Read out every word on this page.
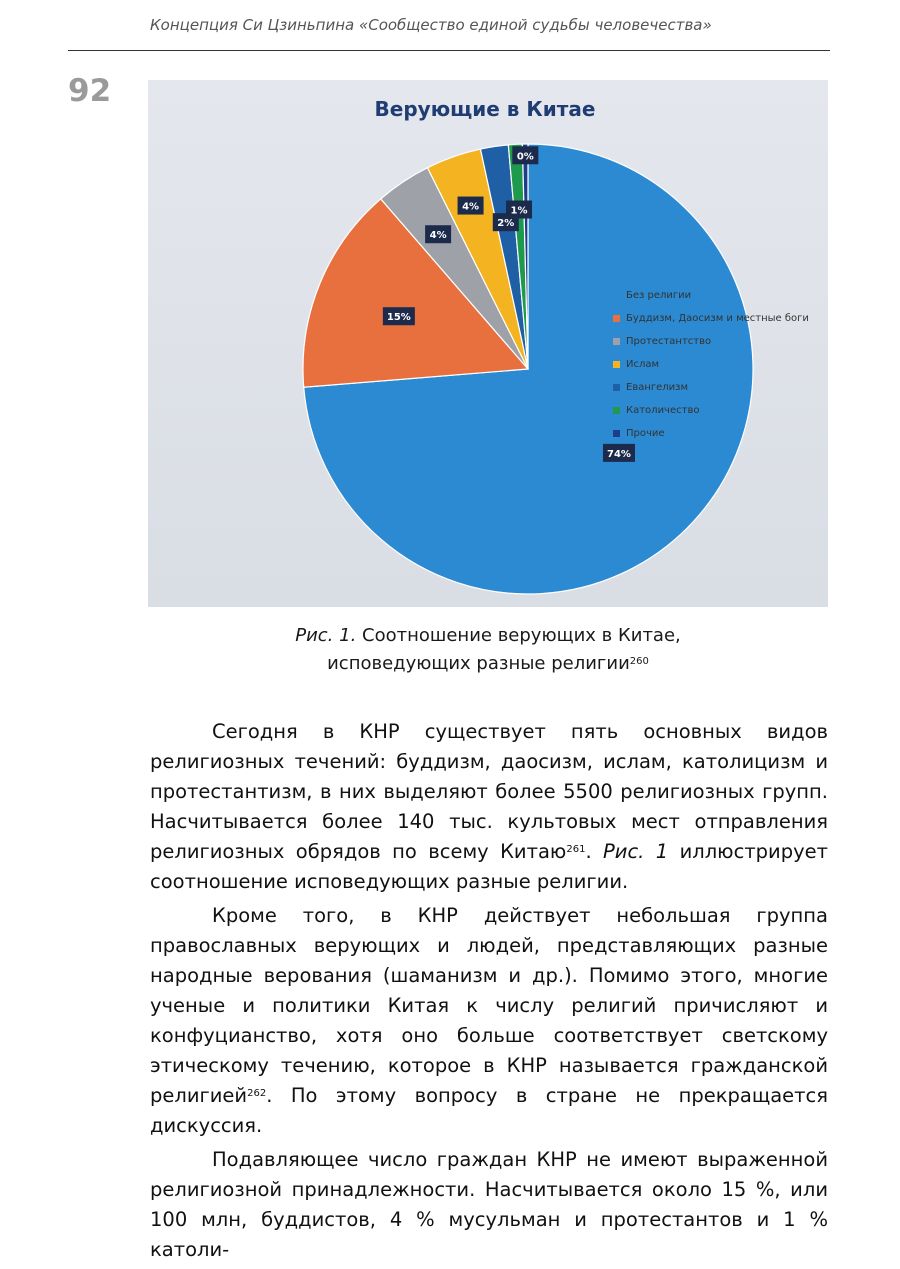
Концепция Си Цзиньпина «Сообщество единой судьбы человечества»
92	Верующие в Китае
74%
15%
4%
4%
2%
1%
0%
Без религии
Буддизм, Даосизм и местные боги
Протестантство
Ислам
Евангелизм
Католичество
Прочие
Рис. 1. Соотношение верующих в Китае,
исповедующих разные религии$^{260}$

Сегодня в КНР существует пять основных видов религиозных течений: буддизм, даосизм, ислам, католицизм и протестантизм, в них выделяют более 5500 религиозных групп. Насчитывается более 140 тыс. культовых мест отправления религиозных обрядов по всему Китаю$^{261}$. Рис. 1 иллюстрирует соотношение исповедующих разные религии.

Кроме того, в КНР действует небольшая группа православных верующих и людей, представляющих разные народные верования (шаманизм и др.). Помимо этого, многие ученые и политики Китая к числу религий причисляют и конфуцианство, хотя оно больше соответствует светскому этическому течению, которое в КНР называется гражданской религией$^{262}$. По этому вопросу в стране не прекращается дискуссия.

Подавляющее число граждан КНР не имеют выраженной религиозной принадлежности. Насчитывается около 15 %, или 100 млн, буддистов, 4 % мусульман и протестантов и 1 % католи-
